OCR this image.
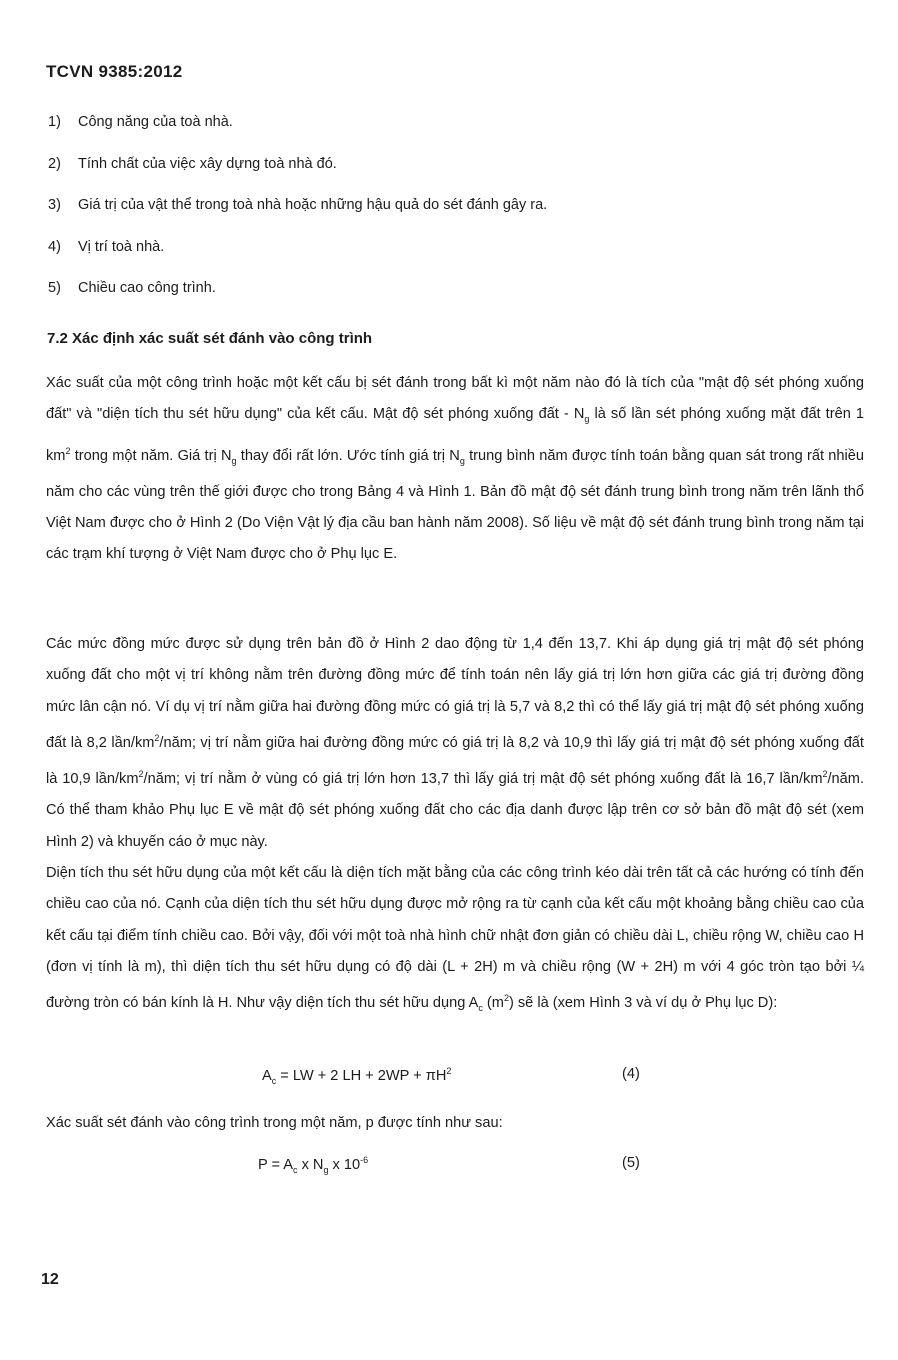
TCVN 9385:2012
1)	Công năng của toà nhà.
2)	Tính chất của việc xây dựng toà nhà đó.
3)	Giá trị của vật thể trong toà nhà hoặc những hậu quả do sét đánh gây ra.
4)	Vị trí toà nhà.
5)	Chiều cao công trình.
7.2 Xác định xác suất sét đánh vào công trình

Xác suất của một công trình hoặc một kết cấu bị sét đánh trong bất kì một năm nào đó là tích của "mật độ sét phóng xuống đất" và "diện tích thu sét hữu dụng" của kết cấu. Mật độ sét phóng xuống đất - $N_g$ là số lần sét phóng xuống mặt đất trên 1 $km^2$ trong một năm. Giá trị $N_g$ thay đổi rất lớn. Ước tính giá trị $N_g$ trung bình năm được tính toán bằng quan sát trong rất nhiều năm cho các vùng trên thế giới được cho trong Bảng 4 và Hình 1. Bản đồ mật độ sét đánh trung bình trong năm trên lãnh thổ Việt Nam được cho ở Hình 2 (Do Viện Vật lý địa cầu ban hành năm 2008). Số liệu về mật độ sét đánh trung bình trong năm tại các trạm khí tượng ở Việt Nam được cho ở Phụ lục E.

Các mức đồng mức được sử dụng trên bản đồ ở Hình 2 dao động từ 1,4 đến 13,7. Khi áp dụng giá trị mật độ sét phóng xuống đất cho một vị trí không nằm trên đường đồng mức để tính toán nên lấy giá trị lớn hơn giữa các giá trị đường đồng mức lân cận nó. Ví dụ vị trí nằm giữa hai đường đồng mức có giá trị là 5,7 và 8,2 thì có thể lấy giá trị mật độ sét phóng xuống đất là 8,2 lần/$km^2$/năm; vị trí nằm giữa hai đường đồng mức có giá trị là 8,2 và 10,9 thì lấy giá trị mật độ sét phóng xuống đất là 10,9 lần/$km^2$/năm; vị trí nằm ở vùng có giá trị lớn hơn 13,7 thì lấy giá trị mật độ sét phóng xuống đất là 16,7 lần/$km^2$/năm. Có thể tham khảo Phụ lục E về mật độ sét phóng xuống đất cho các địa danh được lập trên cơ sở bản đồ mật độ sét (xem Hình 2) và khuyến cáo ở mục này.

Diện tích thu sét hữu dụng của một kết cấu là diện tích mặt bằng của các công trình kéo dài trên tất cả các hướng có tính đến chiều cao của nó. Cạnh của diện tích thu sét hữu dụng được mở rộng ra từ cạnh của kết cấu một khoảng bằng chiều cao của kết cấu tại điểm tính chiều cao. Bởi vậy, đối với một toà nhà hình chữ nhật đơn giản có chiều dài L, chiều rộng W, chiều cao H (đơn vị tính là m), thì diện tích thu sét hữu dụng có độ dài (L + 2H) m và chiều rộng (W + 2H) m với 4 góc tròn tạo bởi ¼ đường tròn có bán kính là H. Như vậy diện tích thu sét hữu dụng $A_c$ $(m^2)$ sẽ là (xem Hình 3 và ví dụ ở Phụ lục D):

$A_c$ = LW + 2 LH + $2WP + \pi H^2$	(4)

Xác suất sét đánh vào công trình trong một năm, p được tính như sau:

$P = A_c$ x $N_g$ x $10^{-6}$	(5)
12
